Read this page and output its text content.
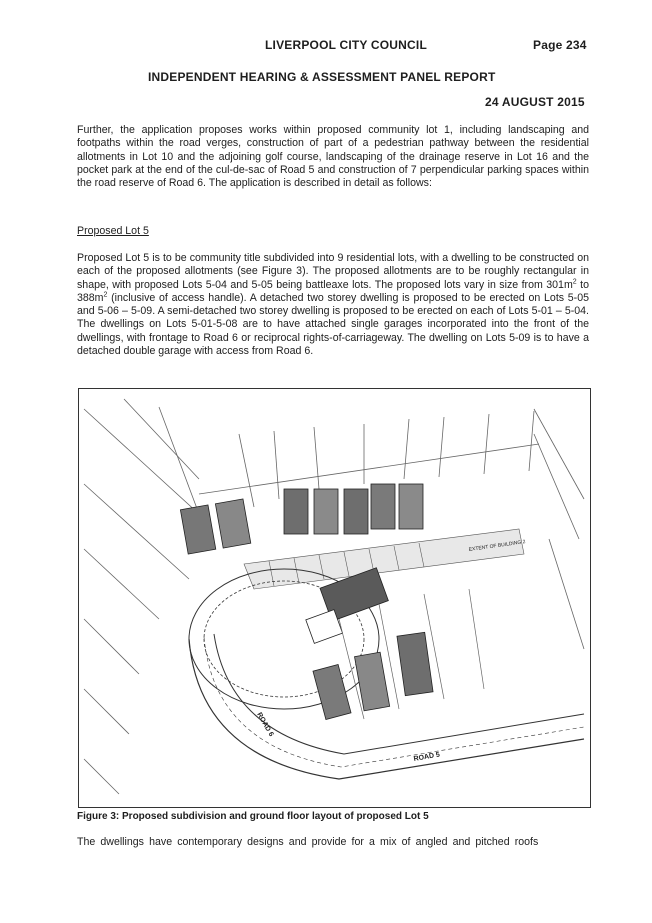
LIVERPOOL CITY COUNCIL	Page 234
INDEPENDENT HEARING & ASSESSMENT PANEL REPORT
24 AUGUST 2015
Further, the application proposes works within proposed community lot 1, including landscaping and footpaths within the road verges, construction of part of a pedestrian pathway between the residential allotments in Lot 10 and the adjoining golf course, landscaping of the drainage reserve in Lot 16 and the pocket park at the end of the cul-de-sac of Road 5 and construction of 7 perpendicular parking spaces within the road reserve of Road 6. The application is described in detail as follows:
Proposed Lot 5
Proposed Lot 5 is to be community title subdivided into 9 residential lots, with a dwelling to be constructed on each of the proposed allotments (see Figure 3). The proposed allotments are to be roughly rectangular in shape, with proposed Lots 5-04 and 5-05 being battleaxe lots. The proposed lots vary in size from $301m^2$ to $388m^2$ (inclusive of access handle). A detached two storey dwelling is proposed to be erected on Lots 5-05 and 5-06 – 5-09. A semi-detached two storey dwelling is proposed to be erected on each of Lots 5-01 – 5-04. The dwellings on Lots 5-01-5-08 are to have attached single garages incorporated into the front of the dwellings, with frontage to Road 6 or reciprocal rights-of-carriageway. The dwelling on Lots 5-09 is to have a detached double garage with access from Road 6.
ROAD 6
ROAD 5
EXTENT OF BUILDING 2
Figure 3: Proposed subdivision and ground floor layout of proposed Lot 5
The dwellings have contemporary designs and provide for a mix of angled and pitched roofs
